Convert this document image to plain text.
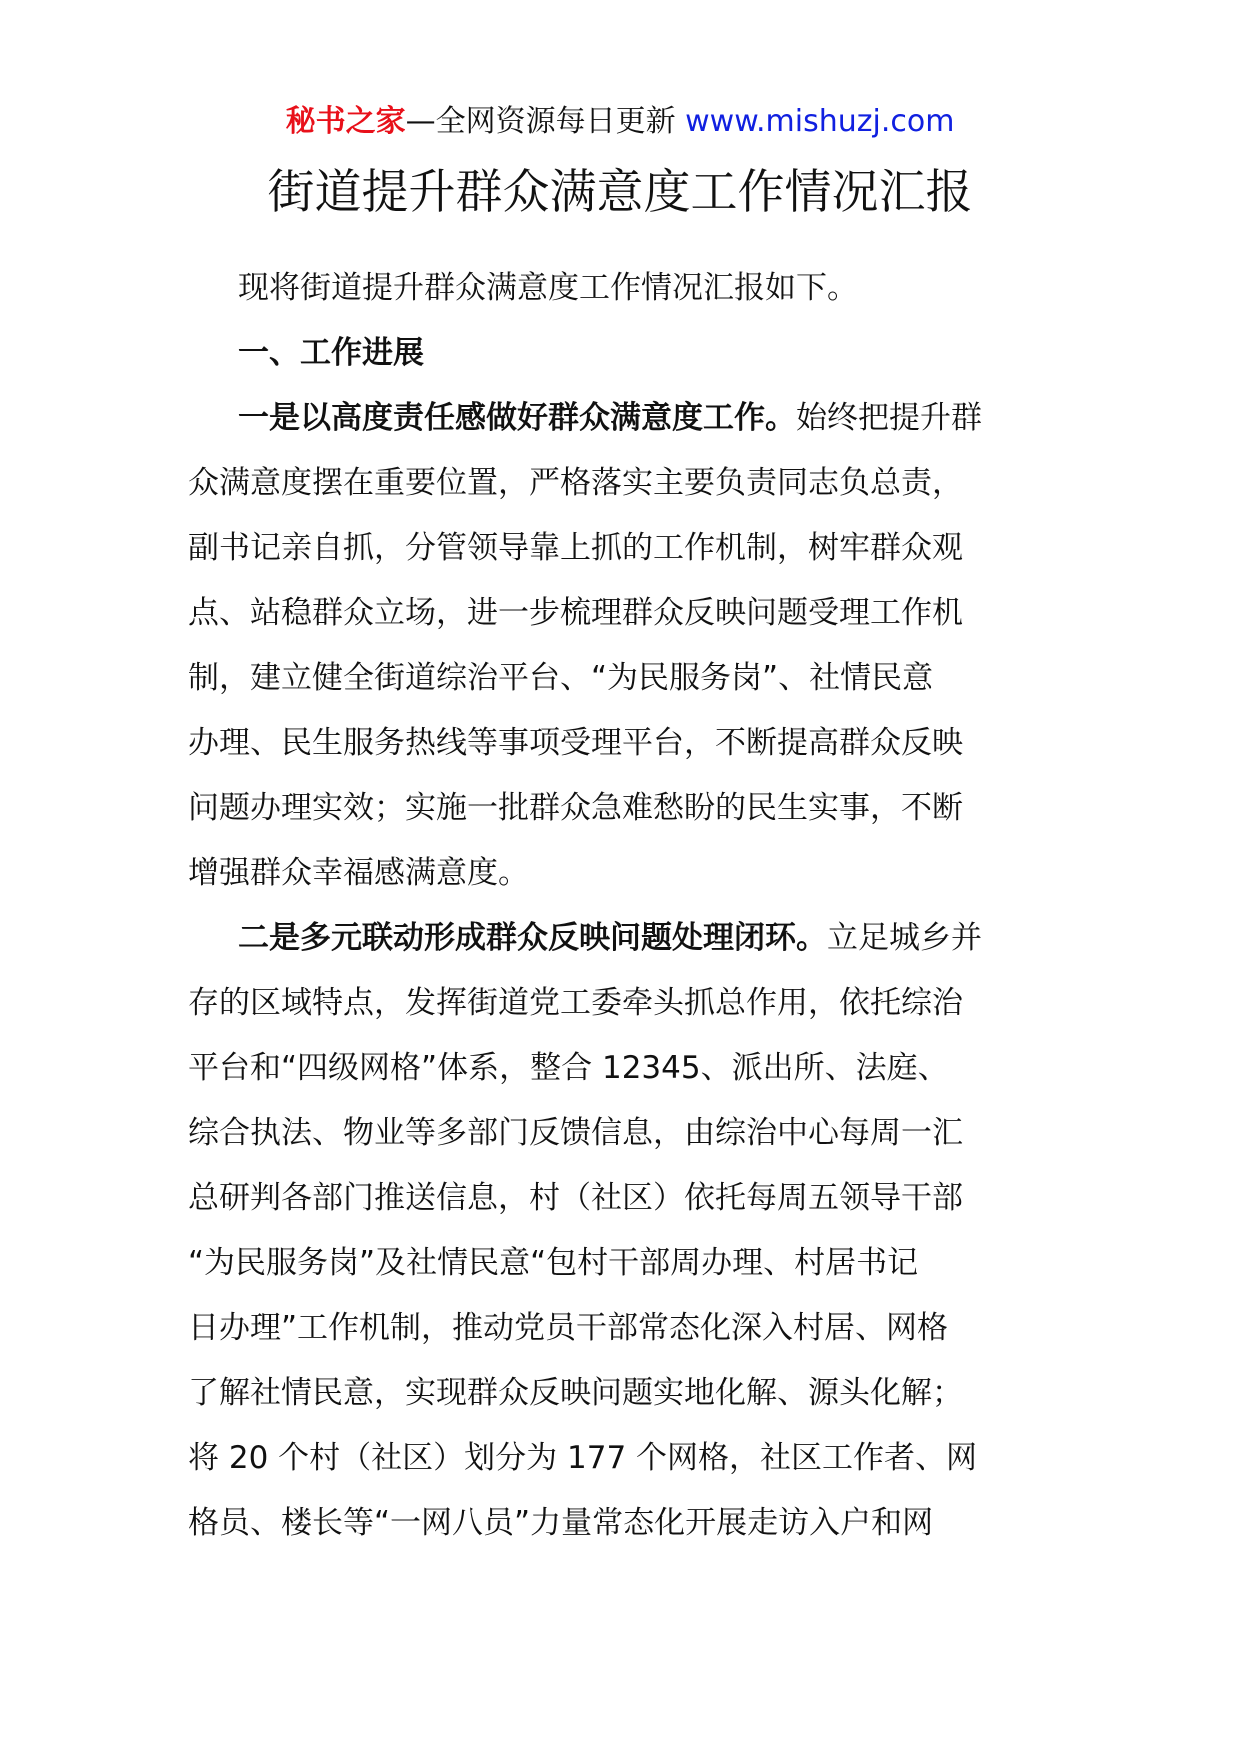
秘书之家—全网资源每日更新 www.mishuzj.com
街道提升群众满意度工作情况汇报
现将街道提升群众满意度工作情况汇报如下。
一、工作进展
一是以高度责任感做好群众满意度工作。始终把提升群
众满意度摆在重要位置，严格落实主要负责同志负总责，
副书记亲自抓，分管领导靠上抓的工作机制，树牢群众观
点、站稳群众立场，进一步梳理群众反映问题受理工作机
制，建立健全街道综治平台、“为民服务岗”、社情民意
办理、民生服务热线等事项受理平台，不断提高群众反映
问题办理实效；实施一批群众急难愁盼的民生实事，不断
增强群众幸福感满意度。
二是多元联动形成群众反映问题处理闭环。立足城乡并
存的区域特点，发挥街道党工委牵头抓总作用，依托综治
平台和“四级网格”体系，整合 12345、派出所、法庭、
综合执法、物业等多部门反馈信息，由综治中心每周一汇
总研判各部门推送信息，村（社区）依托每周五领导干部
“为民服务岗”及社情民意“包村干部周办理、村居书记
日办理”工作机制，推动党员干部常态化深入村居、网格
了解社情民意，实现群众反映问题实地化解、源头化解；
将 20 个村（社区）划分为 177 个网格，社区工作者、网
格员、楼长等“一网八员”力量常态化开展走访入户和网
